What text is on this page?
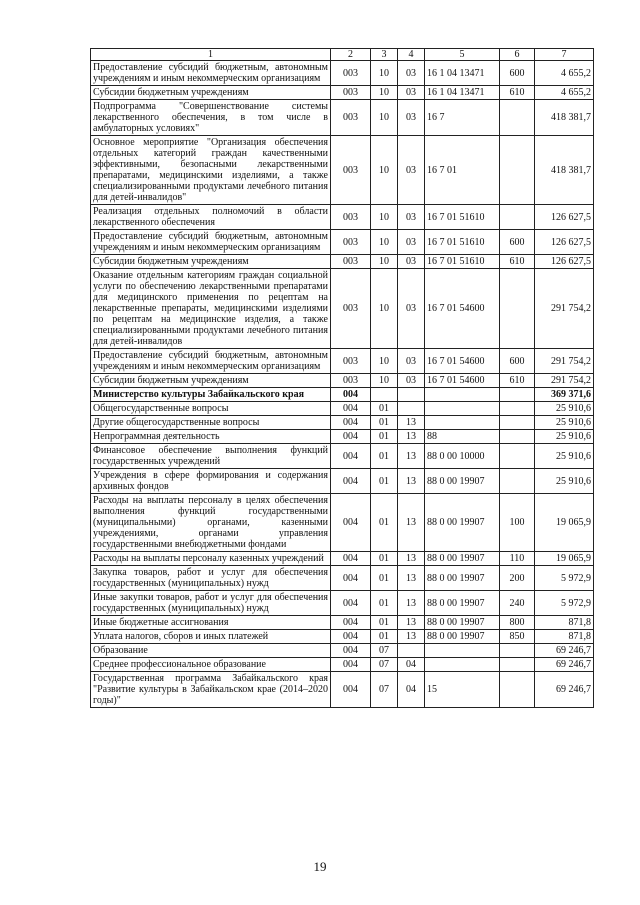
1	2	3	4	5	6	7
Предоставление субсидий бюджетным, автономным учреждениям и иным некоммерческим организациям	003	10	03	16 1 04 13471	600	4 655,2
Субсидии бюджетным учреждениям	003	10	03	16 1 04 13471	610	4 655,2
Подпрограмма "Совершенствование системы лекарственного обеспечения, в том числе в амбулаторных условиях"	003	10	03	16 7		418 381,7
Основное мероприятие "Организация обеспечения отдельных категорий граждан качественными эффективными, безопасными лекарственными препаратами, медицинскими изделиями, а также специализированными продуктами лечебного питания для детей-инвалидов"	003	10	03	16 7 01		418 381,7
Реализация отдельных полномочий в области лекарственного обеспечения	003	10	03	16 7 01 51610		126 627,5
Предоставление субсидий бюджетным, автономным учреждениям и иным некоммерческим организациям	003	10	03	16 7 01 51610	600	126 627,5
Субсидии бюджетным учреждениям	003	10	03	16 7 01 51610	610	126 627,5
Оказание отдельным категориям граждан социальной услуги по обеспечению лекарственными препаратами для медицинского применения по рецептам на лекарственные препараты, медицинскими изделиями по рецептам на медицинские изделия, а также специализированными продуктами лечебного питания для детей-инвалидов	003	10	03	16 7 01 54600		291 754,2
Предоставление субсидий бюджетным, автономным учреждениям и иным некоммерческим организациям	003	10	03	16 7 01 54600	600	291 754,2
Субсидии бюджетным учреждениям	003	10	03	16 7 01 54600	610	291 754,2
Министерство культуры Забайкальского края	004					369 371,6
Общегосударственные вопросы	004	01				25 910,6
Другие общегосударственные вопросы	004	01	13			25 910,6
Непрограммная деятельность	004	01	13	88		25 910,6
Финансовое обеспечение выполнения функций государственных учреждений	004	01	13	88 0 00 10000		25 910,6
Учреждения в сфере формирования и содержания архивных фондов	004	01	13	88 0 00 19907		25 910,6
Расходы на выплаты персоналу в целях обеспечения выполнения функций государственными (муниципальными) органами, казенными учреждениями, органами управления государственными внебюджетными фондами	004	01	13	88 0 00 19907	100	19 065,9
Расходы на выплаты персоналу казенных учреждений	004	01	13	88 0 00 19907	110	19 065,9
Закупка товаров, работ и услуг для обеспечения государственных (муниципальных) нужд	004	01	13	88 0 00 19907	200	5 972,9
Иные закупки товаров, работ и услуг для обеспечения государственных (муниципальных) нужд	004	01	13	88 0 00 19907	240	5 972,9
Иные бюджетные ассигнования	004	01	13	88 0 00 19907	800	871,8
Уплата налогов, сборов и иных платежей	004	01	13	88 0 00 19907	850	871,8
Образование	004	07				69 246,7
Среднее профессиональное образование	004	07	04			69 246,7
Государственная программа Забайкальского края "Развитие культуры в Забайкальском крае (2014–2020 годы)"	004	07	04	15		69 246,7
19
